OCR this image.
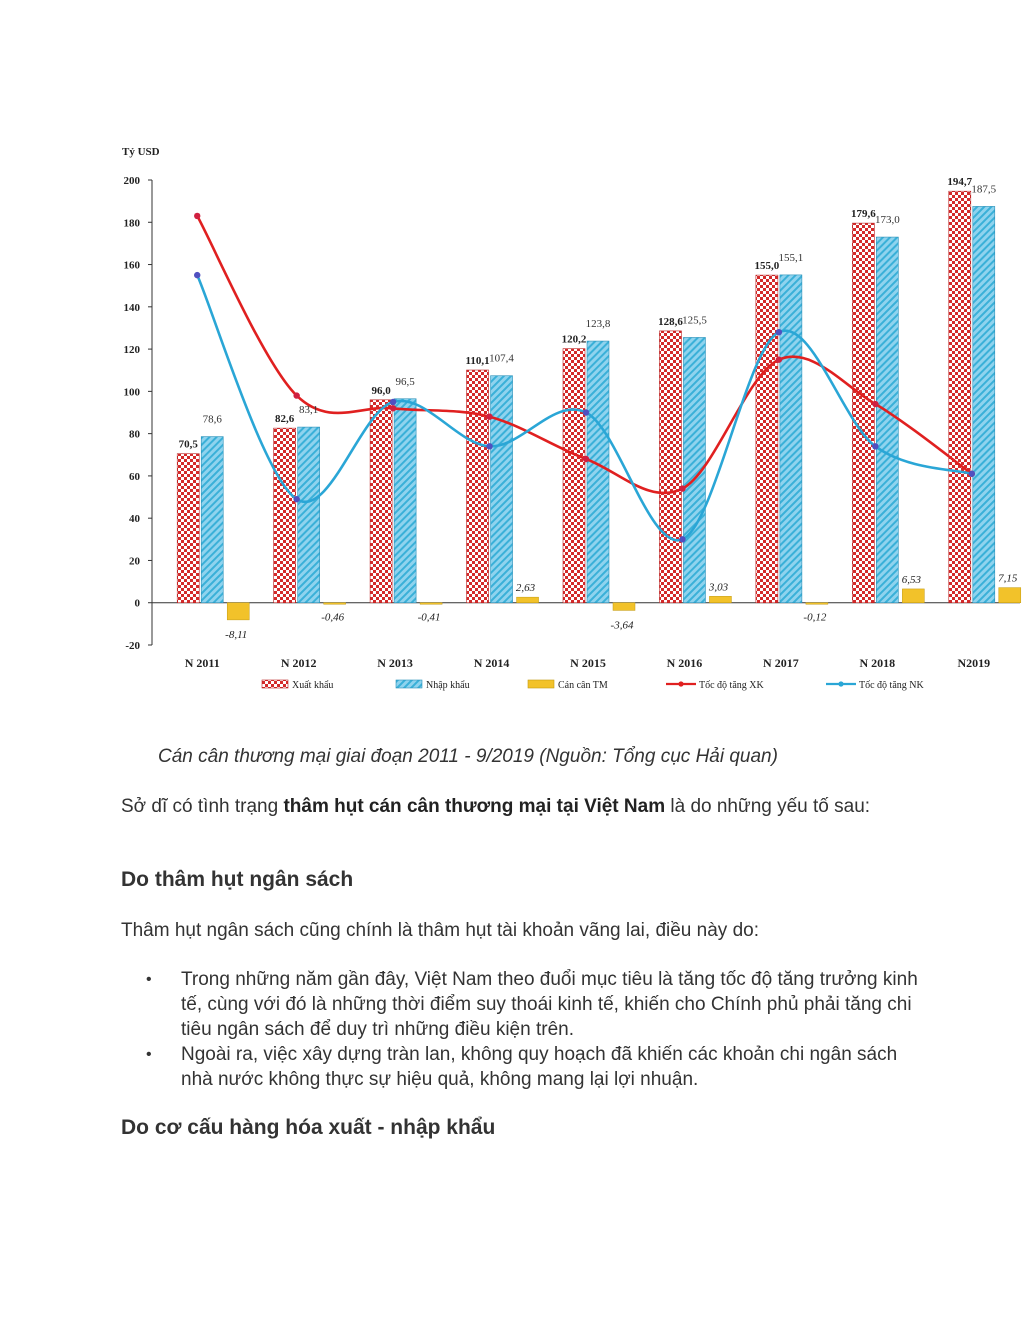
Tỷ USD
200
180
160
140
120
100
80
60
40
20
0
-20
N 2011
70,5
78,6
-8,11
N 2012
82,6
83,1
-0,46
N 2013
96,0
96,5
-0,41
N 2014
110,1 107,4
2,63
N 2015
120,2
123,8
-3,64
N 2016
128,6 125,5
3,03
N 2017
155,0
155,1
-0,12
N 2018
179,6 173,0
6,53
N2019
194,7
187,5
7,15
Xuất khẩu	Nhập khẩu	Cán cân TM	Tốc độ tăng XK	Tốc độ tăng NK
Cán cân thương mại giai đoạn 2011 - 9/2019 (Nguồn: Tổng cục Hải quan)
Sở dĩ có tình trạng thâm hụt cán cân thương mại tại Việt Nam là do những yếu tố sau:
Do thâm hụt ngân sách
Thâm hụt ngân sách cũng chính là thâm hụt tài khoản vãng lai, điều này do:
• Trong những năm gần đây, Việt Nam theo đuổi mục tiêu là tăng tốc độ tăng trưởng kinh tế, cùng với đó là những thời điểm suy thoái kinh tế, khiến cho Chính phủ phải tăng chi tiêu ngân sách để duy trì những điều kiện trên.
• Ngoài ra, việc xây dựng tràn lan, không quy hoạch đã khiến các khoản chi ngân sách nhà nước không thực sự hiệu quả, không mang lại lợi nhuận.
Do cơ cấu hàng hóa xuất - nhập khẩu
